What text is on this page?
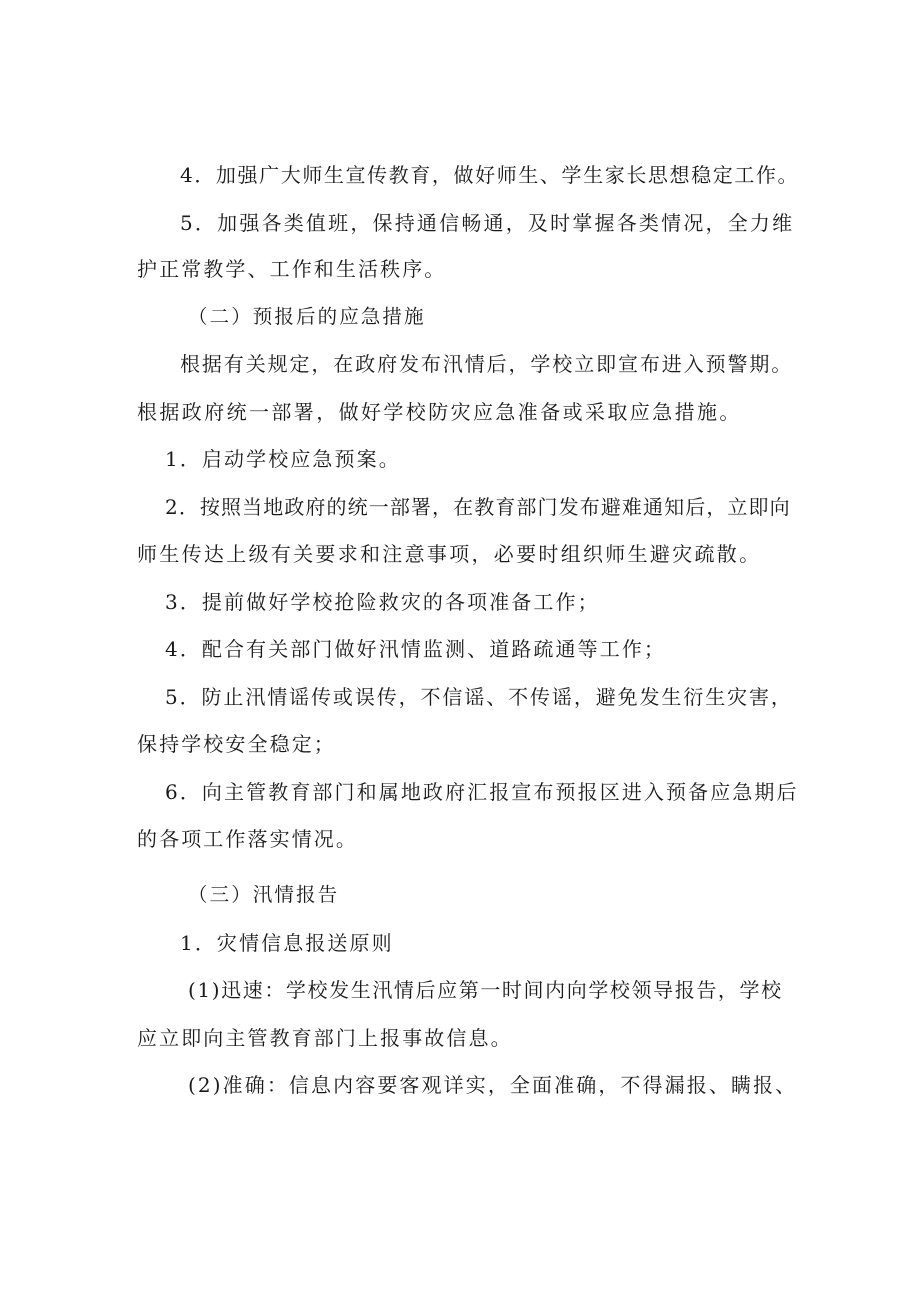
4．加强广大师生宣传教育，做好师生、学生家长思想稳定工作。

5．加强各类值班，保持通信畅通，及时掌握各类情况，全力维

护正常教学、工作和生活秩序。

（二）预报后的应急措施

根据有关规定，在政府发布汛情后，学校立即宣布进入预警期。

根据政府统一部署，做好学校防灾应急准备或采取应急措施。

1．启动学校应急预案。

2．按照当地政府的统一部署，在教育部门发布避难通知后，立即向

师生传达上级有关要求和注意事项，必要时组织师生避灾疏散。

3．提前做好学校抢险救灾的各项准备工作；

4．配合有关部门做好汛情监测、道路疏通等工作；

5．防止汛情谣传或误传，不信谣、不传谣，避免发生衍生灾害，

保持学校安全稳定；

6．向主管教育部门和属地政府汇报宣布预报区进入预备应急期后

的各项工作落实情况。

（三）汛情报告

1．灾情信息报送原则

(1)迅速：学校发生汛情后应第一时间内向学校领导报告，学校

应立即向主管教育部门上报事故信息。

(2)准确：信息内容要客观详实，全面准确，不得漏报、瞒报、
